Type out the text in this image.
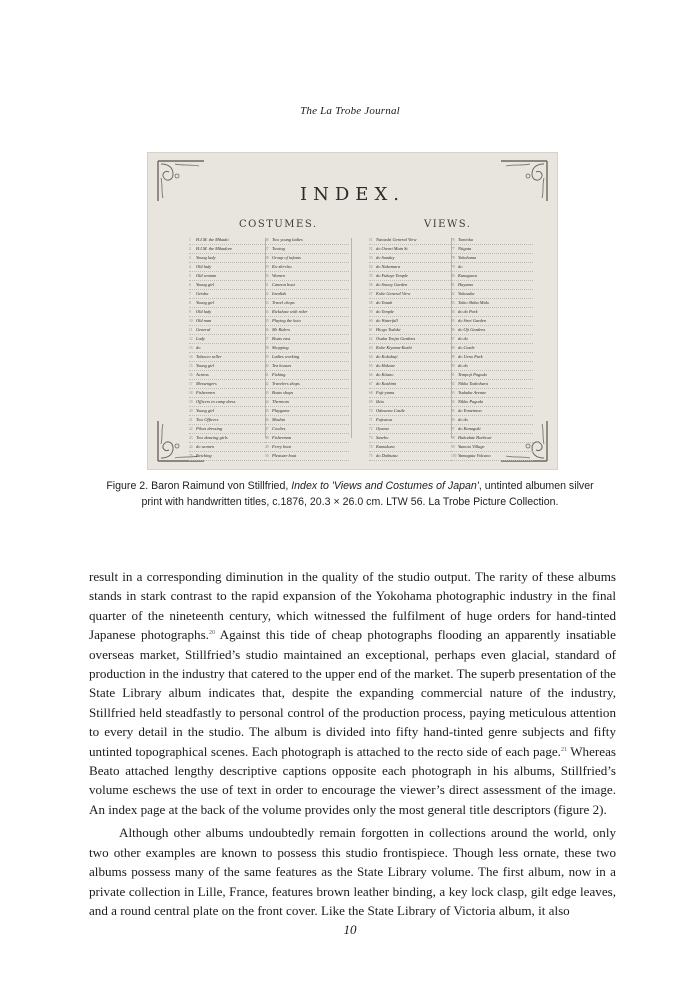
The La Trobe Journal
INDEX.
COSTUMES.	VIEWS.
1 H.I.M. the Mikado
2 H.I.M. the Mikadore
3 Young lady
4 Old lady
5 Old woman
6 Young girl
7 Geisha
8 Young girl
9 Old lady
10 Old man
11 General
12 Lady
13 do
14 Tobacco seller
15 Young girl
16 Actress
17 Messengers
18 Fishermen
19 Officers in camp dress
20 Young girl
21 Two Officers
22 Pilots dressing
23 Two dancing girls
24 do women
25 Fetching
26 Two young ladies
27 Towing
28 Group of infants
29 Ko-shi-chu
30 Women
31 Cannon boat
32 Invalids
33 Travel chops
34 Rickshaw with rider
35 Playing the koto
36 Mr Riders
37 Boats east
38 Shopping
39 Ladies working
40 Tea houses
41 Fishing
42 Travelers shops
43 Boats shops
44 Thermom
45 Playgame
46 Mashin
47 Coolies
48 Fisherman
49 Ferry boat
50 Pleasure boat
51 Nawashi General View
52 do Owari Main St
53 do Sunday
54 do Nakamura
55 do Fukaye Temple
56 do Snowy Garden
57 Kobe General View
58 do Tanah
59 do Temple
60 do Waterfall
61 Hiogo Todake
62 Osaka Tenjin Gardens
63 Kobe Kiyama-Kashi
64 do Kokubuji
65 do Hakone
66 do Kitano
67 do Kashimi
68 Fuji-yama
69 Ikito
70 Odawara Castle
71 Fujisawa
72 Oyama
73 Sasebo
74 Kamakura
75 do Daibutsu
76 Tomioka
77 Niigata
78 Yokohama
79 do
80 Kanagawa
81 Hayama
82 Yokosuka
83 Tokio Shiba Mido
84 do do Park
85 do Sirei Garden
86 do Oji Gardens
87 do do
88 do Castle
89 do Ueno Park
90 do do
91 Tempoji Pagoda
92 Nikko Tashohara
93 Tsukuba Avenue
94 Nikko Pagoda
95 do Yomeimon
96 do do
97 do Kanagoki
98 Hakodate Harbour
99 Yumoto Village
100 Yamagata Volcano
Figure 2. Baron Raimund von Stillfried, Index to 'Views and Costumes of Japan', untinted albumen silver
print with handwritten titles, c.1876, 20.3 × 26.0 cm. LTW 56. La Trobe Picture Collection.

result in a corresponding diminution in the quality of the studio output. The rarity of these albums stands in stark contrast to the rapid expansion of the Yokohama photographic industry in the final quarter of the nineteenth century, which witnessed the fulfilment of huge orders for hand-tinted Japanese photographs.$^{20}$ Against this tide of cheap photographs flooding an apparently insatiable overseas market, Stillfried’s studio maintained an exceptional, perhaps even glacial, standard of production in the industry that catered to the upper end of the market. The superb presentation of the State Library album indicates that, despite the expanding commercial nature of the industry, Stillfried held steadfastly to personal control of the production process, paying meticulous attention to every detail in the studio. The album is divided into fifty hand-tinted genre subjects and fifty untinted topographical scenes. Each photograph is attached to the recto side of each page.$^{21}$ Whereas Beato attached lengthy descriptive captions opposite each photograph in his albums, Stillfried’s volume eschews the use of text in order to encourage the viewer’s direct assessment of the image. An index page at the back of the volume provides only the most general title descriptors (figure 2).

Although other albums undoubtedly remain forgotten in collections around the world, only two other examples are known to possess this studio frontispiece. Though less ornate, these two albums possess many of the same features as the State Library volume. The first album, now in a private collection in Lille, France, features brown leather binding, a key lock clasp, gilt edge leaves, and a round central plate on the front cover. Like the State Library of Victoria album, it also

10
